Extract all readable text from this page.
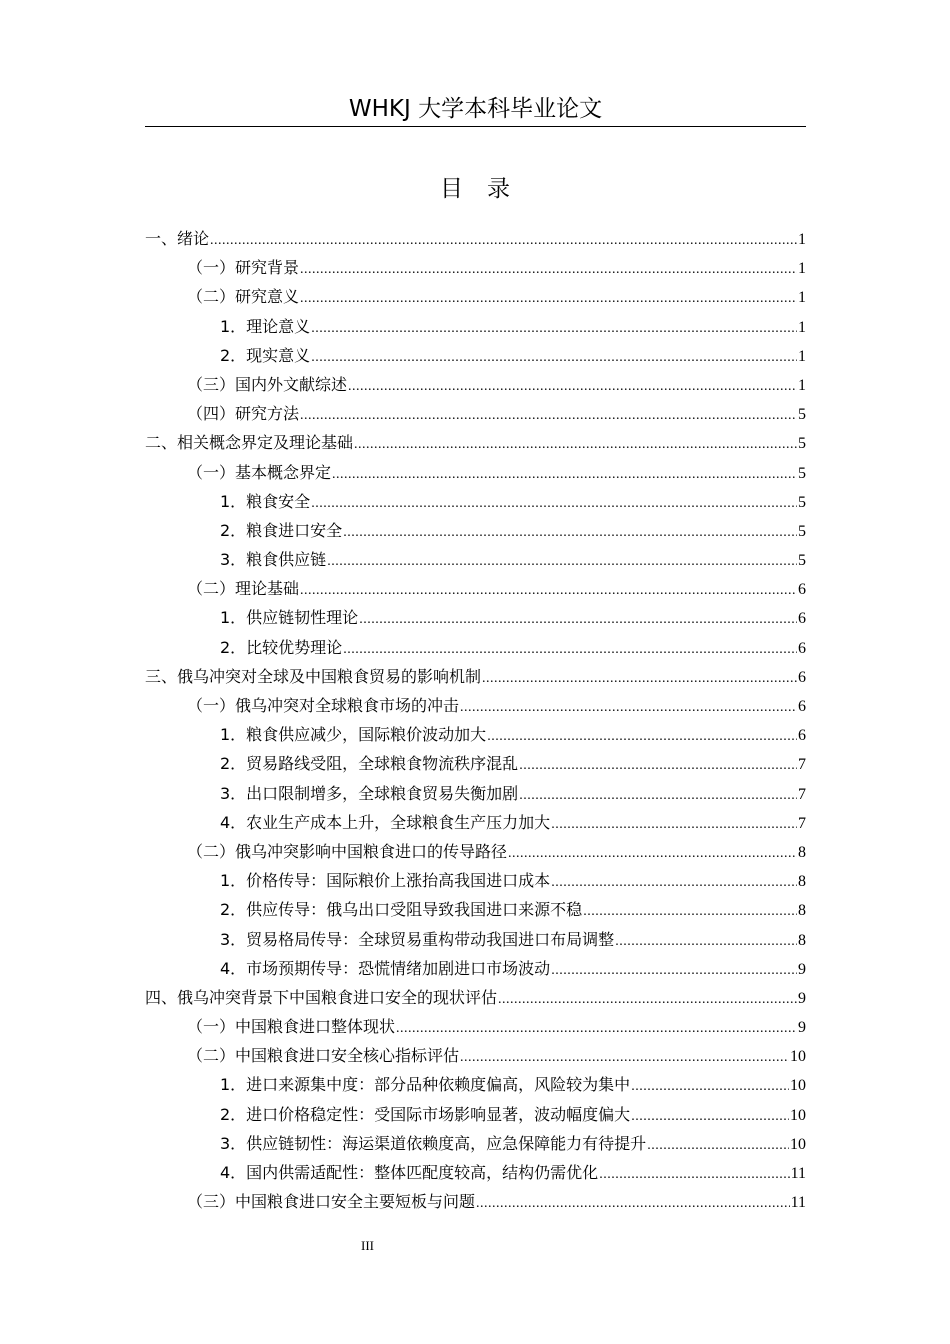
WHKJ 大学本科毕业论文
目录
一、绪论 .....	1
（一）研究背景 .....	1
（二）研究意义 .....	1
1．理论意义 .....	1
2．现实意义 .....	1
（三）国内外文献综述 .....	1
（四）研究方法 .....	5
二、相关概念界定及理论基础 .....	5
（一）基本概念界定 .....	5
1．粮食安全 .....	5
2．粮食进口安全 .....	5
3．粮食供应链 .....	5
（二）理论基础 .....	6
1．供应链韧性理论 .....	6
2．比较优势理论 .....	6
三、俄乌冲突对全球及中国粮食贸易的影响机制 .....	6
（一）俄乌冲突对全球粮食市场的冲击 .....	6
1．粮食供应减少，国际粮价波动加大 .....	6
2．贸易路线受阻，全球粮食物流秩序混乱 .....	7
3．出口限制增多，全球粮食贸易失衡加剧 .....	7
4．农业生产成本上升，全球粮食生产压力加大 .....	7
（二）俄乌冲突影响中国粮食进口的传导路径 .....	8
1．价格传导：国际粮价上涨抬高我国进口成本 .....	8
2．供应传导：俄乌出口受阻导致我国进口来源不稳 .....	8
3．贸易格局传导：全球贸易重构带动我国进口布局调整 .....	8
4．市场预期传导：恐慌情绪加剧进口市场波动 .....	9
四、俄乌冲突背景下中国粮食进口安全的现状评估 .....	9
（一）中国粮食进口整体现状 .....	9
（二）中国粮食进口安全核心指标评估 .....	10
1．进口来源集中度：部分品种依赖度偏高，风险较为集中 .....	10
2．进口价格稳定性：受国际市场影响显著，波动幅度偏大 .....	10
3．供应链韧性：海运渠道依赖度高，应急保障能力有待提升 .....	10
4．国内供需适配性：整体匹配度较高，结构仍需优化 .....	11
（三）中国粮食进口安全主要短板与问题 .....	11
III
